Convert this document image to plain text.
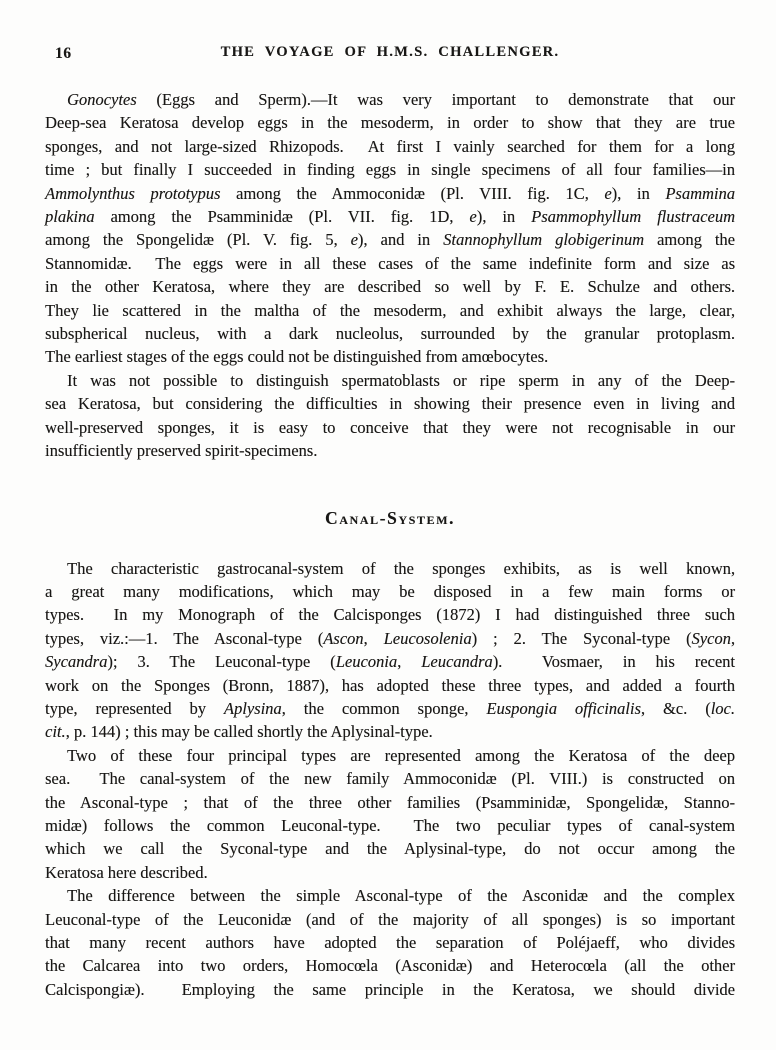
16	THE VOYAGE OF H.M.S. CHALLENGER.
Gonocytes (Eggs and Sperm).—It was very important to demonstrate that our
Deep-sea Keratosa develop eggs in the mesoderm, in order to show that they are true
sponges, and not large-sized Rhizopods.  At first I vainly searched for them for a long
time ; but finally I succeeded in finding eggs in single specimens of all four families—in
Ammolynthus prototypus among the Ammoconidæ (Pl. VIII. fig. 1C, e), in Psammina
plakina among the Psamminidæ (Pl. VII. fig. 1D, e), in Psammophyllum flustraceum
among the Spongelidæ (Pl. V. fig. 5, e), and in Stannophyllum globigerinum among the
Stannomidæ.  The eggs were in all these cases of the same indefinite form and size as
in the other Keratosa, where they are described so well by F. E. Schulze and others.
They lie scattered in the maltha of the mesoderm, and exhibit always the large, clear,
subspherical nucleus, with a dark nucleolus, surrounded by the granular protoplasm.
The earliest stages of the eggs could not be distinguished from amœbocytes.
It was not possible to distinguish spermatoblasts or ripe sperm in any of the Deep-
sea Keratosa, but considering the difficulties in showing their presence even in living and
well-preserved sponges, it is easy to conceive that they were not recognisable in our
insufficiently preserved spirit-specimens.
Canal-System.
The characteristic gastrocanal-system of the sponges exhibits, as is well known,
a great many modifications, which may be disposed in a few main forms or
types.  In my Monograph of the Calcisponges (1872) I had distinguished three such
types, viz.:—1. The Asconal-type (Ascon, Leucosolenia) ; 2. The Syconal-type (Sycon,
Sycandra); 3. The Leuconal-type (Leuconia, Leucandra).  Vosmaer, in his recent
work on the Sponges (Bronn, 1887), has adopted these three types, and added a fourth
type, represented by Aplysina, the common sponge, Euspongia officinalis, &c. (loc.
cit., p. 144) ; this may be called shortly the Aplysinal-type.
Two of these four principal types are represented among the Keratosa of the deep
sea.  The canal-system of the new family Ammoconidæ (Pl. VIII.) is constructed on
the Asconal-type ; that of the three other families (Psamminidæ, Spongelidæ, Stanno-
midæ) follows the common Leuconal-type.  The two peculiar types of canal-system
which we call the Syconal-type and the Aplysinal-type, do not occur among the
Keratosa here described.
The difference between the simple Asconal-type of the Asconidæ and the complex
Leuconal-type of the Leuconidæ (and of the majority of all sponges) is so important
that many recent authors have adopted the separation of Poléjaeff, who divides
the Calcarea into two orders, Homocœla (Asconidæ) and Heterocœla (all the other
Calcispongiæ).  Employing the same principle in the Keratosa, we should divide
